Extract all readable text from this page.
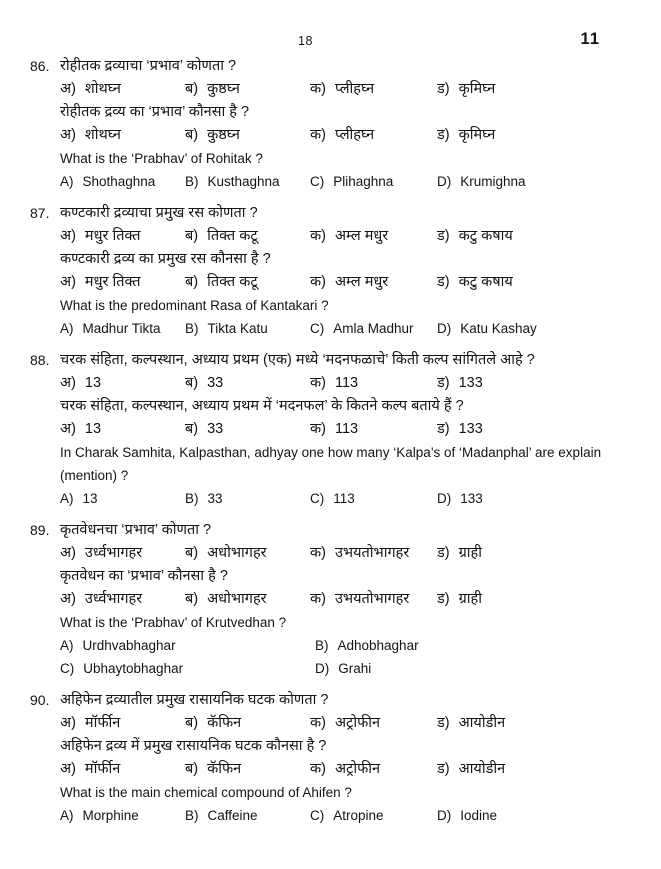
18	11
86. रोहीतक द्रव्याचा ‘प्रभाव’ कोणता ?
अ) शोथघ्न	ब) कुष्ठघ्न	क) प्लीहघ्न	ड) कृमिघ्न
रोहीतक द्रव्य का ‘प्रभाव’ कौनसा है ?
अ) शोथघ्न	ब) कुष्ठघ्न	क) प्लीहघ्न	ड) कृमिघ्न
What is the ‘Prabhav’ of Rohitak ?
A) Shothaghna	B) Kusthaghna	C) Plihaghna	D) Krumighna
87. कण्टकारी द्रव्याचा प्रमुख रस कोणता ?
अ) मधुर तिक्त	ब) तिक्त कटू	क) अम्ल मधुर	ड) कटु कषाय
कण्टकारी द्रव्य का प्रमुख रस कौनसा है ?
अ) मधुर तिक्त	ब) तिक्त कटू	क) अम्ल मधुर	ड) कटु कषाय
What is the predominant Rasa of Kantakari ?
A) Madhur Tikta	B) Tikta Katu	C) Amla Madhur	D) Katu Kashay
88. चरक संहिता, कल्पस्थान, अध्याय प्रथम (एक) मध्ये ‘मदनफळाचे’ किती कल्प सांगितले आहे ?
अ) 13	ब) 33	क) 113	ड) 133
चरक संहिता, कल्पस्थान, अध्याय प्रथम में ‘मदनफल’ के कितने कल्प बताये हैं ?
अ) 13	ब) 33	क) 113	ड) 133
In Charak Samhita, Kalpasthan, adhyay one how many ‘Kalpa’s of ‘Madanphal’ are explain
(mention) ?
A) 13	B) 33	C) 113	D) 133
89. कृतवेधनचा ‘प्रभाव’ कोणता ?
अ) उर्ध्वभागहर	ब) अधोभागहर	क) उभयतोभागहर	ड) ग्राही
कृतवेधन का ‘प्रभाव’ कौनसा है ?
अ) उर्ध्वभागहर	ब) अधोभागहर	क) उभयतोभागहर	ड) ग्राही
What is the ‘Prabhav’ of Krutvedhan ?
A) Urdhvabhaghar	B) Adhobhaghar
C) Ubhaytobhaghar	D) Grahi
90. अहिफेन द्रव्यातील प्रमुख रासायनिक घटक कोणता ?
अ) मॉर्फीन	ब) कॅफिन	क) अट्रोफीन	ड) आयोडीन
अहिफेन द्रव्य में प्रमुख रासायनिक घटक कौनसा है ?
अ) मॉर्फीन	ब) कॅफिन	क) अट्रोफीन	ड) आयोडीन
What is the main chemical compound of Ahifen ?
A) Morphine	B) Caffeine	C) Atropine	D) Iodine
